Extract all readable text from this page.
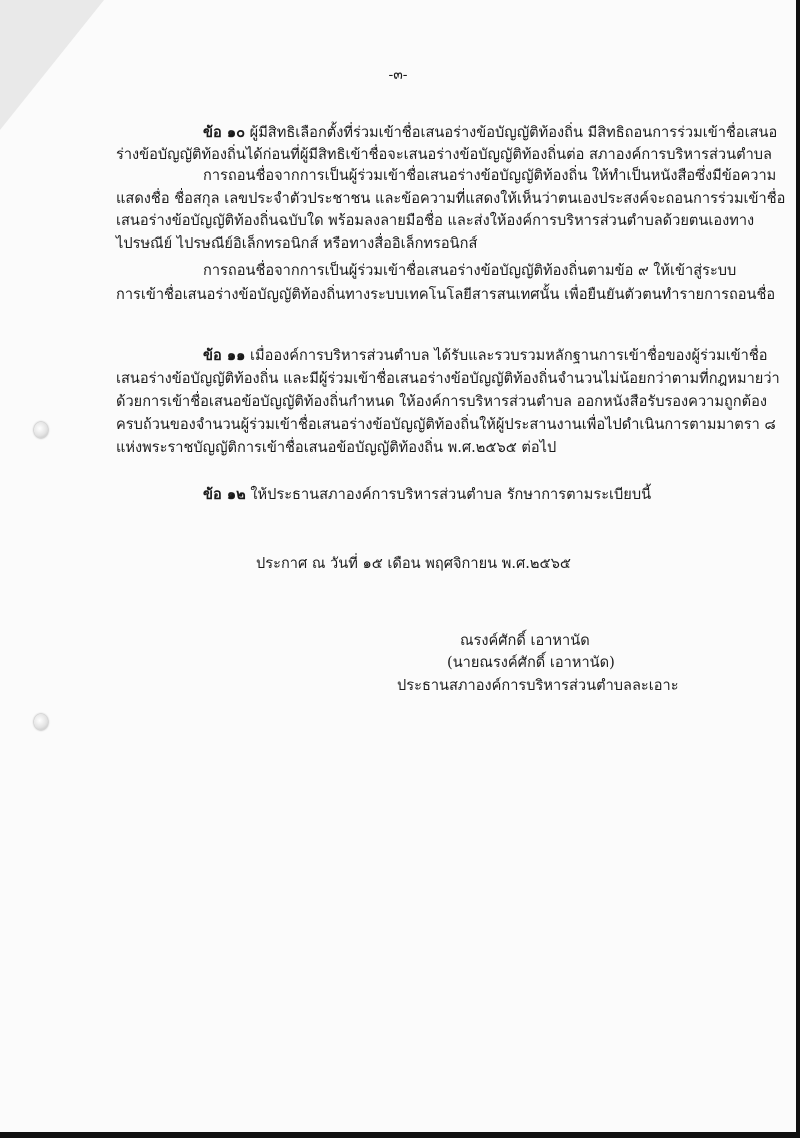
-๓-

ข้อ ๑๐ ผู้มีสิทธิเลือกตั้งที่ร่วมเข้าชื่อเสนอร่างข้อบัญญัติท้องถิ่น มีสิทธิถอนการร่วมเข้าชื่อเสนอ

ร่างข้อบัญญัติท้องถิ่นได้ก่อนที่ผู้มีสิทธิเข้าชื่อจะเสนอร่างข้อบัญญัติท้องถิ่นต่อ สภาองค์การบริหารส่วนตำบล

การถอนชื่อจากการเป็นผู้ร่วมเข้าชื่อเสนอร่างข้อบัญญัติท้องถิ่น ให้ทำเป็นหนังสือซึ่งมีข้อความ

แสดงชื่อ ชื่อสกุล เลขประจำตัวประชาชน และข้อความที่แสดงให้เห็นว่าตนเองประสงค์จะถอนการร่วมเข้าชื่อ

เสนอร่างข้อบัญญัติท้องถิ่นฉบับใด พร้อมลงลายมือชื่อ และส่งให้องค์การบริหารส่วนตำบลด้วยตนเองทาง

ไปรษณีย์ ไปรษณีย์อิเล็กทรอนิกส์ หรือทางสื่ออิเล็กทรอนิกส์

การถอนชื่อจากการเป็นผู้ร่วมเข้าชื่อเสนอร่างข้อบัญญัติท้องถิ่นตามข้อ ๙ ให้เข้าสู่ระบบ

การเข้าชื่อเสนอร่างข้อบัญญัติท้องถิ่นทางระบบเทคโนโลยีสารสนเทศนั้น เพื่อยืนยันตัวตนทำรายการถอนชื่อ

ข้อ ๑๑ เมื่อองค์การบริหารส่วนตำบล ได้รับและรวบรวมหลักฐานการเข้าชื่อของผู้ร่วมเข้าชื่อ

เสนอร่างข้อบัญญัติท้องถิ่น และมีผู้ร่วมเข้าชื่อเสนอร่างข้อบัญญัติท้องถิ่นจำนวนไม่น้อยกว่าตามที่กฎหมายว่า

ด้วยการเข้าชื่อเสนอข้อบัญญัติท้องถิ่นกำหนด ให้องค์การบริหารส่วนตำบล ออกหนังสือรับรองความถูกต้อง

ครบถ้วนของจำนวนผู้ร่วมเข้าชื่อเสนอร่างข้อบัญญัติท้องถิ่นให้ผู้ประสานงานเพื่อไปดำเนินการตามมาตรา ๘

แห่งพระราชบัญญัติการเข้าชื่อเสนอข้อบัญญัติท้องถิ่น พ.ศ.๒๕๖๕ ต่อไป

ข้อ ๑๒ ให้ประธานสภาองค์การบริหารส่วนตำบล รักษาการตามระเบียบนี้

ประกาศ ณ วันที่ ๑๕ เดือน พฤศจิกายน พ.ศ.๒๕๖๕

ณรงค์ศักดิ์ เอาหานัด

(นายณรงค์ศักดิ์ เอาหานัด)

ประธานสภาองค์การบริหารส่วนตำบลละเอาะ
